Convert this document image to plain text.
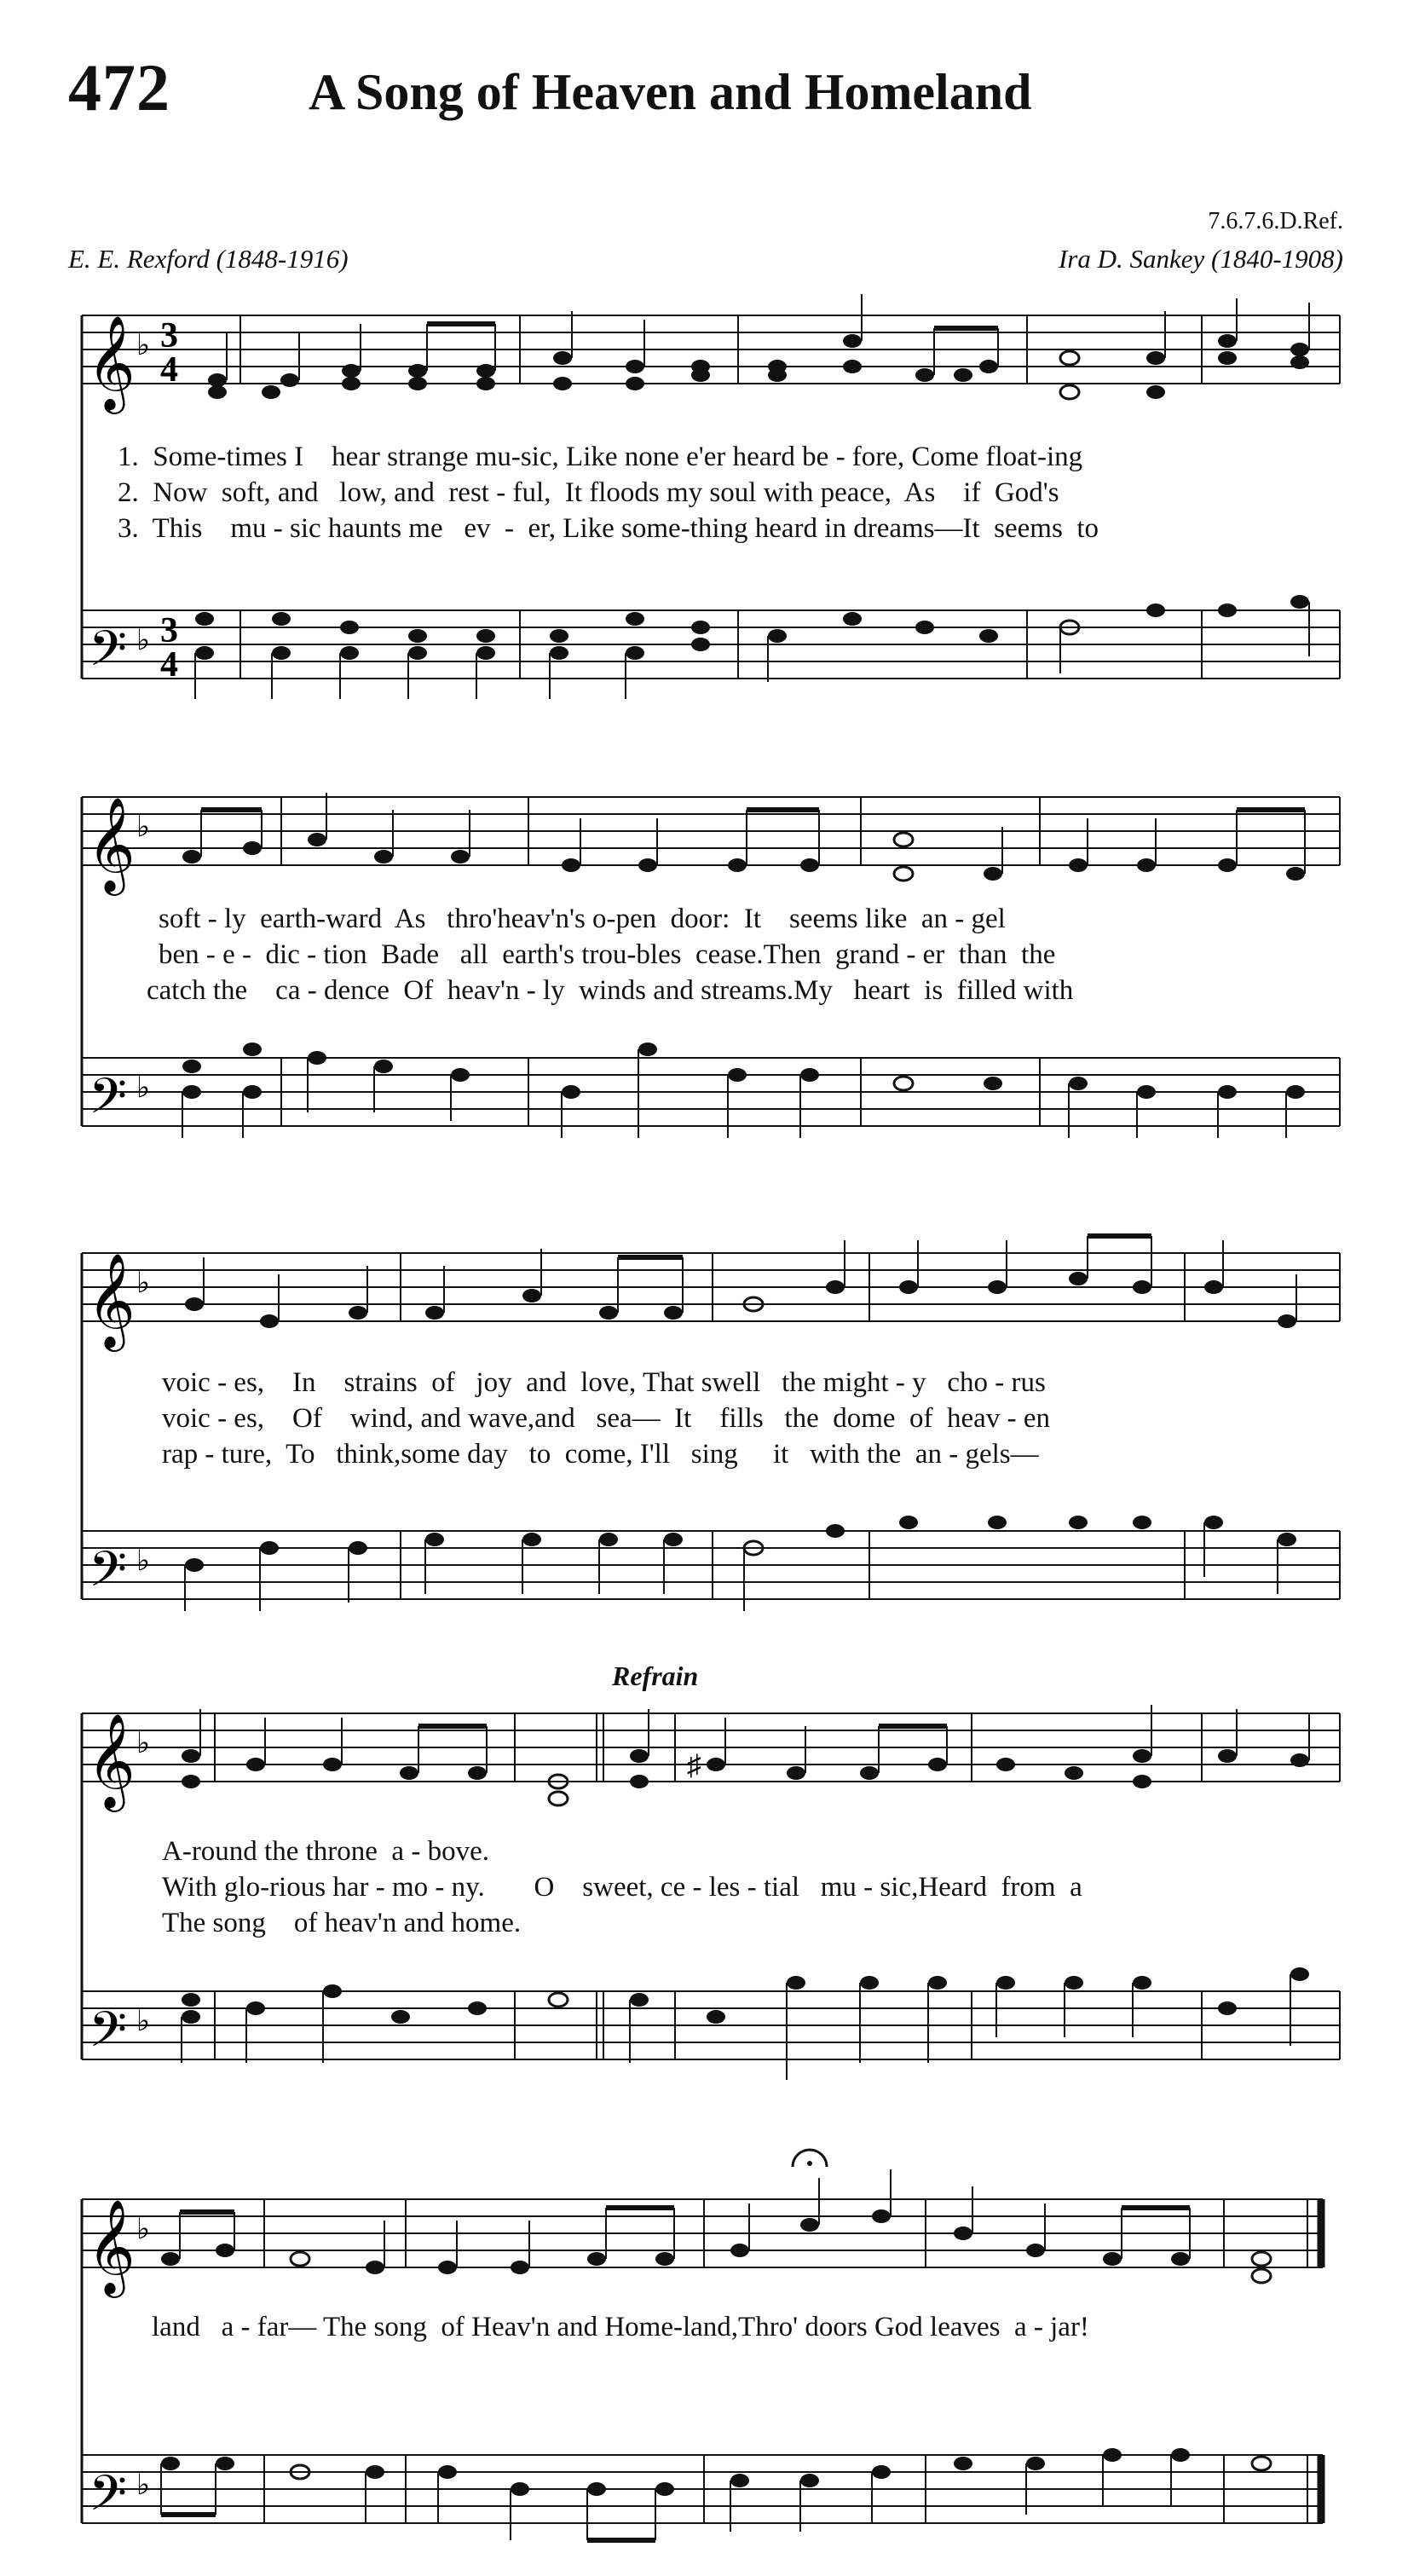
472	A Song of Heaven and Homeland
7.6.7.6.D.Ref.
E. E. Rexford (1848-1916)	Ira D. Sankey (1840-1908)
𝄞
𝄢
♭
♭
3
4
3
4
1.  Some-times I    hear strange mu-sic, Like none e'er heard be - fore, Come float-ing
2.  Now  soft, and   low, and  rest - ful,  It floods my soul with peace,  As    if  God's
3.  This    mu - sic haunts me   ev  -  er, Like some-thing heard in dreams—It  seems  to
𝄞
𝄢
♭
♭
soft - ly  earth-ward  As   thro'heav'n's o-pen  door:  It    seems like  an - gel
ben - e -  dic - tion  Bade   all  earth's trou-bles  cease.Then  grand - er  than  the
catch the    ca - dence  Of  heav'n - ly  winds and streams.My   heart  is  filled with
𝄞
𝄢
♭
♭
voic - es,    In    strains  of   joy  and  love, That swell   the might - y   cho - rus
voic - es,    Of    wind, and wave,and   sea—  It    fills   the  dome  of  heav - en
rap - ture,  To   think,some day   to  come, I'll   sing     it   with the  an - gels—
Refrain
𝄞
𝄢
♭
♭
♯
A-round the throne  a - bove.
With glo-rious har - mo - ny.       O    sweet, ce - les - tial   mu - sic,Heard  from  a
The song    of heav'n and home.
𝄞
𝄢
♭
♭
land   a - far— The song  of Heav'n and Home-land,Thro' doors God leaves  a - jar!
